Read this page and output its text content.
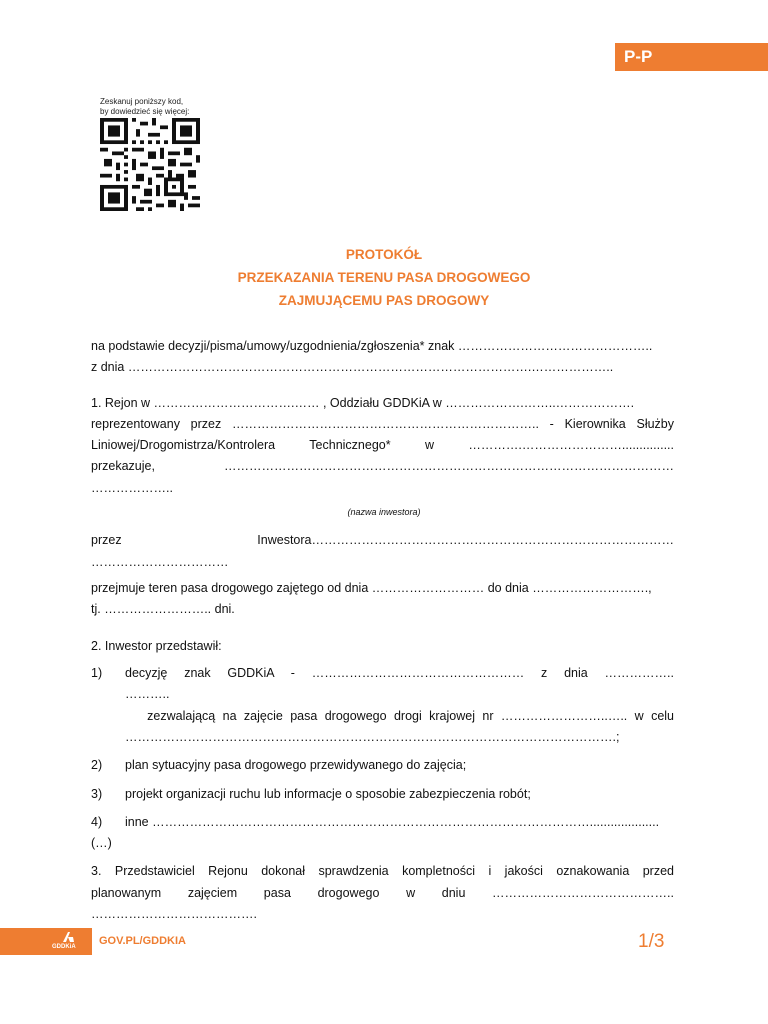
P-P
Zeskanuj poniższy kod,
by dowiedzieć się więcej:
PROTOKÓŁ
PRZEKAZANIA TERENU PASA DROGOWEGO
ZAJMUJĄCEMU PAS DROGOWY
na podstawie decyzji/pisma/umowy/uzgodnienia/zgłoszenia* znak ………………………………………..
z dnia …………………………………………………………………………………….………………..
1. Rejon w …………………………….…… , Oddziału GDDKiA w ……………….……..……………….
reprezentowany przez ……………………………………………………………….. - Kierownika Służby
Liniowej/Drogomistrza/Kontrolera Technicznego* w ………….……………………...............
przekazuje, ………………………………………………………………………………………………
………………..
(nazwa inwestora)
przez Inwestora……………………………………………………………………………
……………………………
przejmuje teren pasa drogowego zajętego od dnia ……………………… do dnia ……………………….,
tj. …………………….. dni.
2. Inwestor przedstawił:
1) decyzję znak GDDKiA - …………………………………………… z dnia ……………..
………..
zezwalającą na zajęcie pasa drogowego drogi krajowej nr ……………………..….. w celu
……………………………………………………………………………………………………….;
2) plan sytuacyjny pasa drogowego przewidywanego do zajęcia;
3) projekt organizacji ruchu lub informacje o sposobie zabezpieczenia robót;
4) inne ……………………………………………………………………………………………....................
(…)
3. Przedstawiciel Rejonu dokonał sprawdzenia kompletności i jakości oznakowania przed
planowanym zajęciem pasa drogowego w dniu ……………………………………..
………………………………….
GDDKiA GOV.PL/GDDKIA	1/3
